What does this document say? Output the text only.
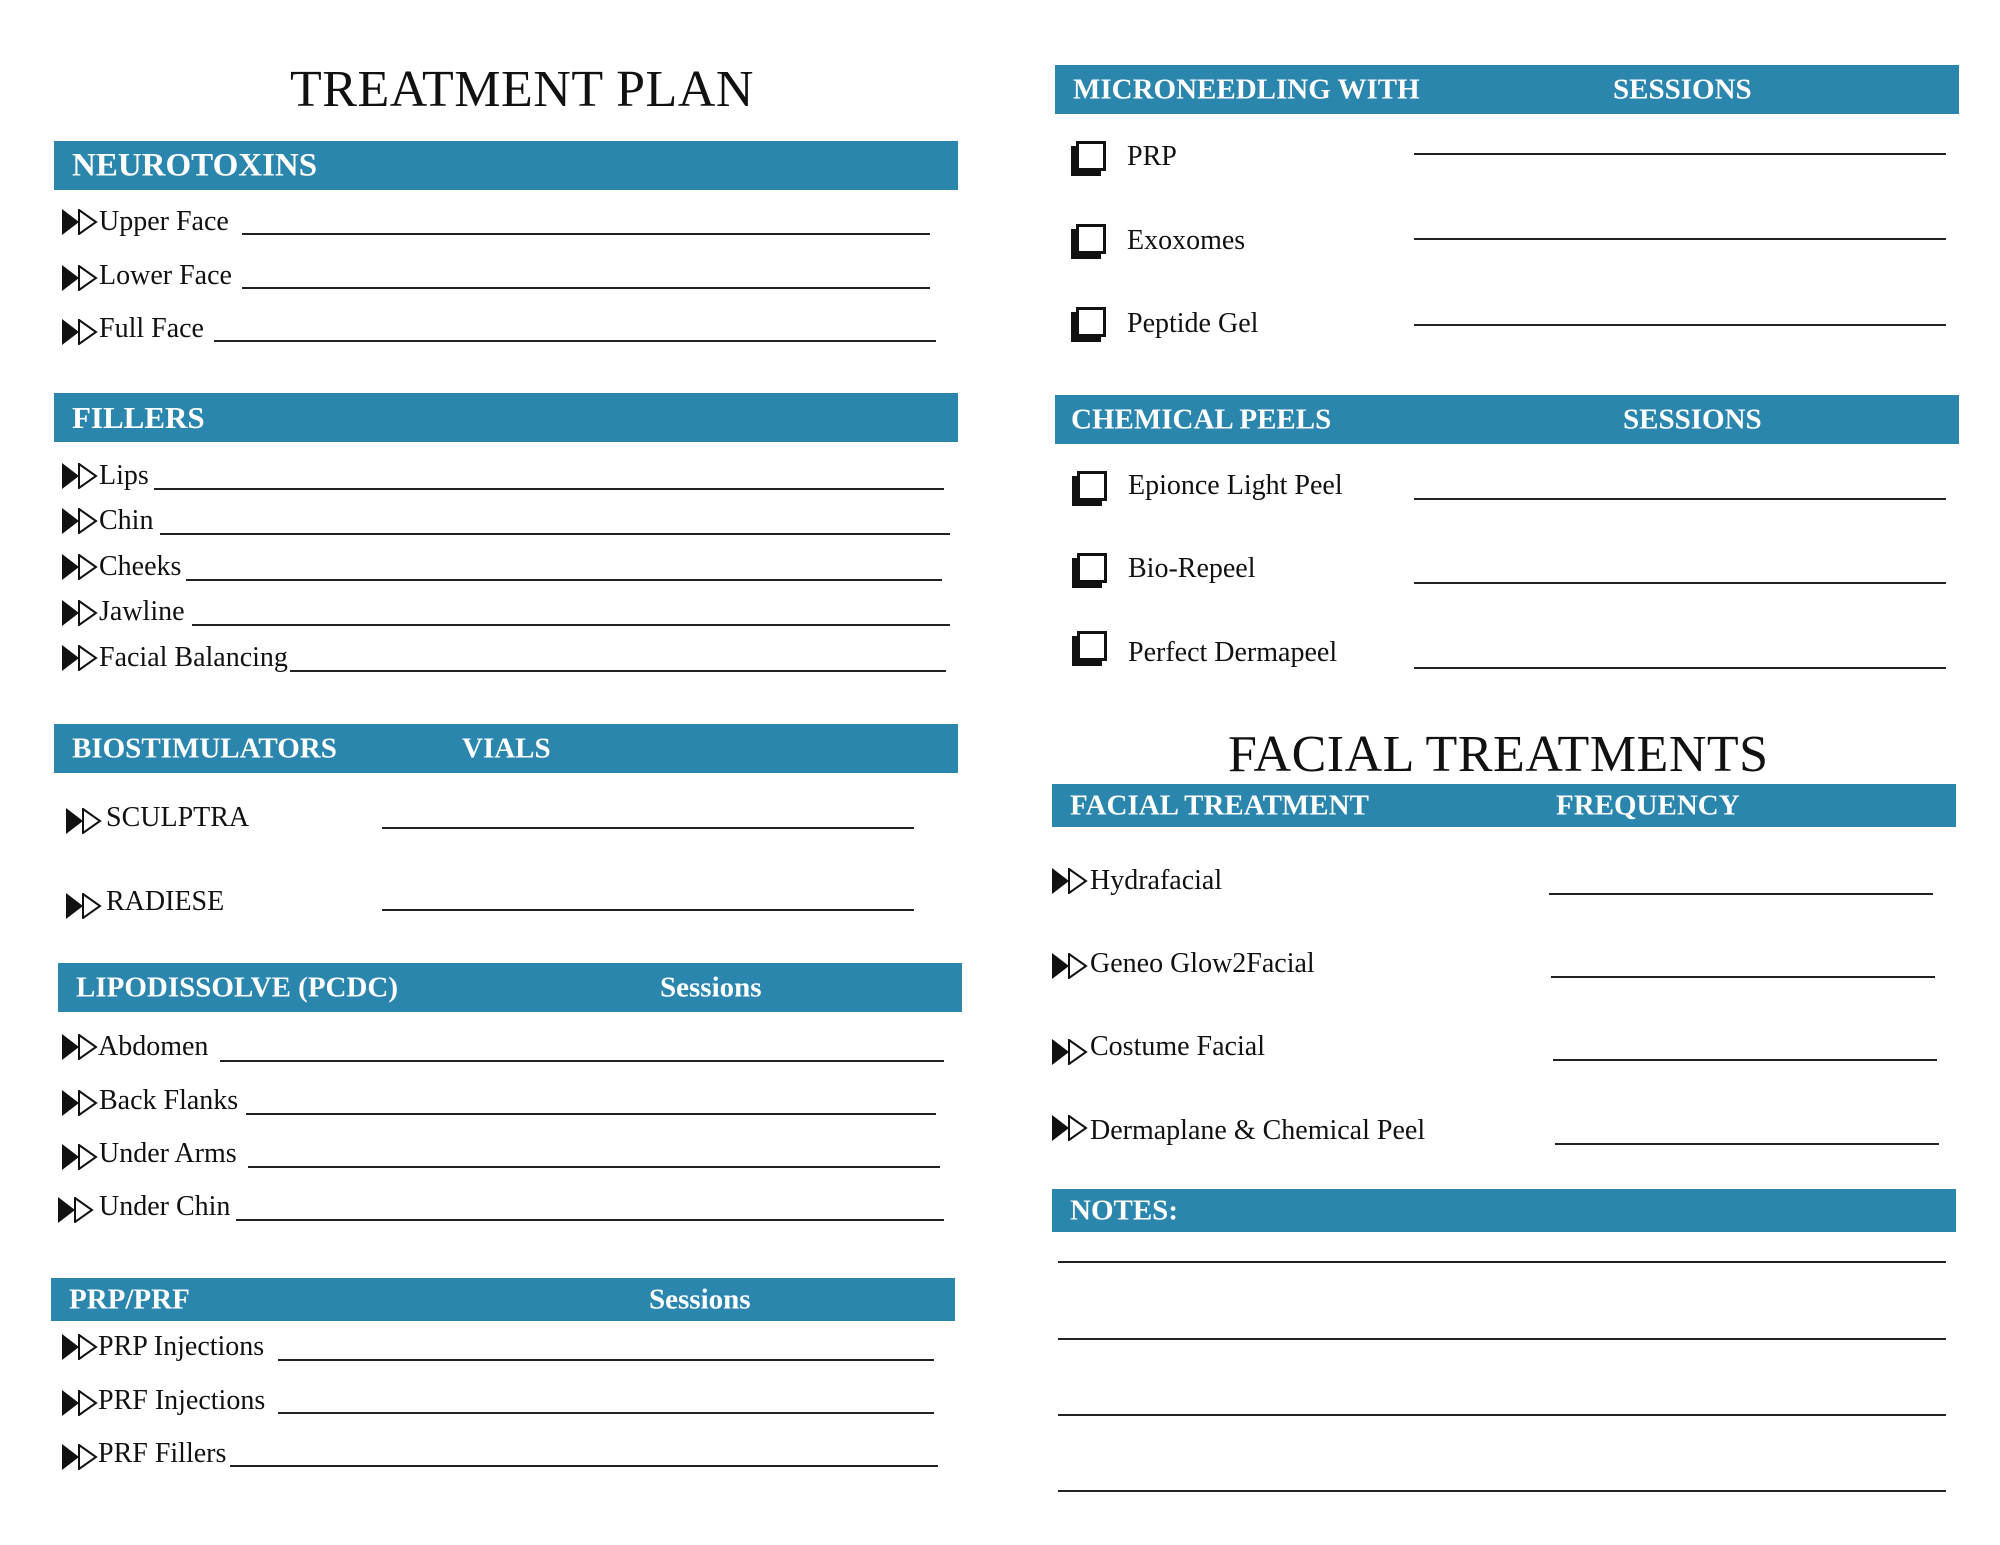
TREATMENT PLAN
FACIAL TREATMENTS
NEUROTOXINS
Upper Face
Lower Face
Full Face
FILLERS
Lips
Chin
Cheeks
Jawline
Facial Balancing
BIOSTIMULATORS	VIALS
SCULPTRA
RADIESE
LIPODISSOLVE (PCDC)	Sessions
Abdomen
Back Flanks
Under Arms
Under Chin
PRP/PRF	Sessions
PRP Injections
PRF Injections
PRF Fillers
MICRONEEDLING WITH	SESSIONS
PRP
Exoxomes
Peptide Gel
CHEMICAL PEELS	SESSIONS
Epionce Light Peel
Bio-Repeel
Perfect Dermapeel
FACIAL TREATMENT	FREQUENCY
Hydrafacial
Geneo Glow2Facial
Costume Facial
Dermaplane & Chemical Peel
NOTES:
